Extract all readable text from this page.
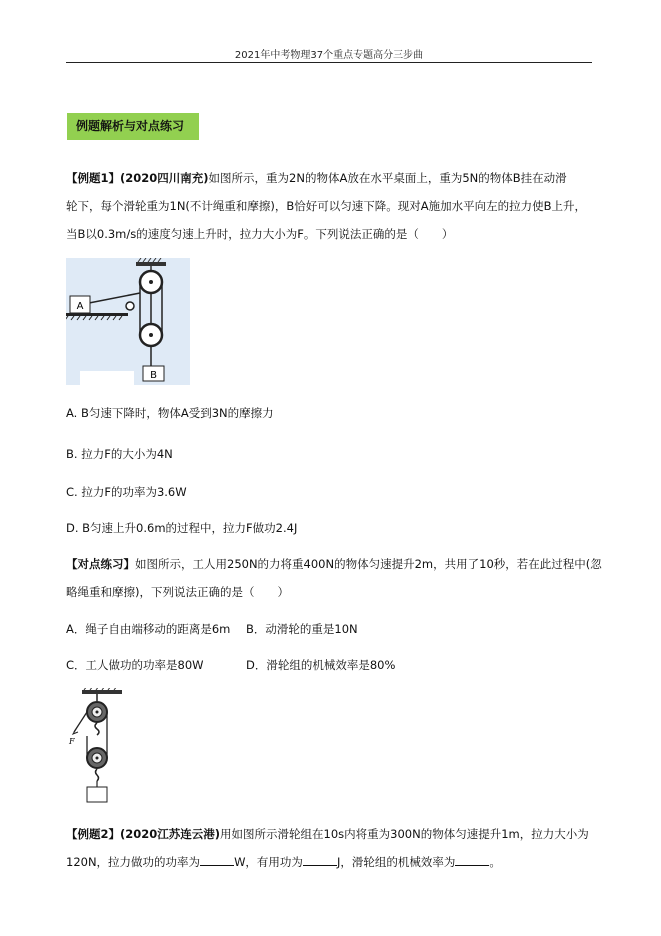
2021年中考物理37个重点专题高分三步曲
例题解析与对点练习
【例题1】(2020四川南充)如图所示，重为2N的物体A放在水平桌面上，重为5N的物体B挂在动滑
轮下，每个滑轮重为1N(不计绳重和摩擦)，B恰好可以匀速下降。现对A施加水平向左的拉力使B上升，
当B以0.3m/s的速度匀速上升时，拉力大小为F。下列说法正确的是（　　）
A
B
A. B匀速下降时，物体A受到3N的摩擦力
B. 拉力F的大小为4N
C. 拉力F的功率为3.6W
D. B匀速上升0.6m的过程中，拉力F做功2.4J
【对点练习】如图所示，工人用250N的力将重400N的物体匀速提升2m，共用了10秒，若在此过程中(忽
略绳重和摩擦)，下列说法正确的是（　　）
A．绳子自由端移动的距离是6m B．动滑轮的重是10N
C．工人做功的功率是80W	D．滑轮组的机械效率是80%
F
【例题2】(2020江苏连云港)用如图所示滑轮组在10s内将重为300N的物体匀速提升1m，拉力大小为
120N，拉力做功的功率为	W，有用功为	J，滑轮组的机械效率为	。
